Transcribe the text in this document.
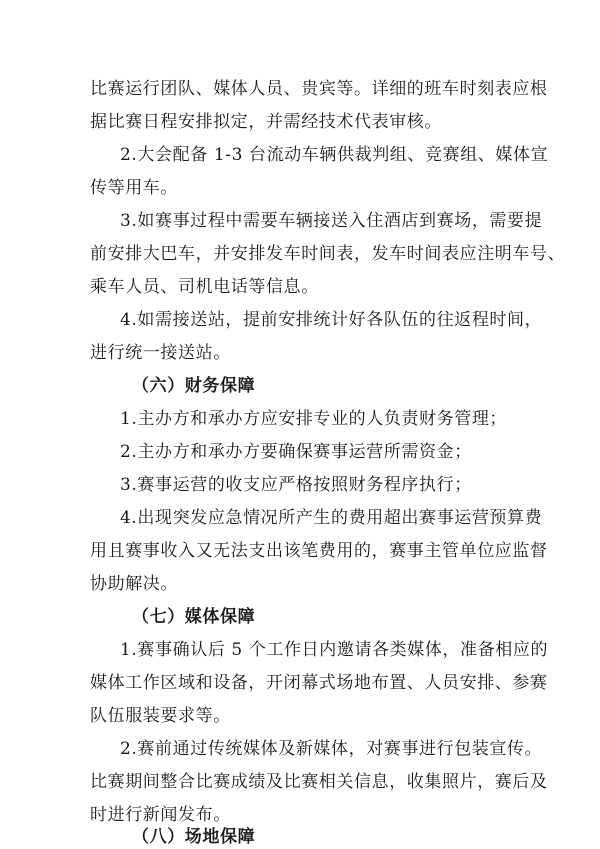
比赛运行团队、媒体人员、贵宾等。详细的班车时刻表应根
据比赛日程安排拟定，并需经技术代表审核。
2.大会配备 1-3 台流动车辆供裁判组、竞赛组、媒体宣
传等用车。
3.如赛事过程中需要车辆接送入住酒店到赛场，需要提
前安排大巴车，并安排发车时间表，发车时间表应注明车号、
乘车人员、司机电话等信息。
4.如需接送站，提前安排统计好各队伍的往返程时间，
进行统一接送站。
（六）财务保障
1.主办方和承办方应安排专业的人负责财务管理；
2.主办方和承办方要确保赛事运营所需资金；
3.赛事运营的收支应严格按照财务程序执行；
4.出现突发应急情况所产生的费用超出赛事运营预算费
用且赛事收入又无法支出该笔费用的，赛事主管单位应监督
协助解决。
（七）媒体保障
1.赛事确认后 5 个工作日内邀请各类媒体，准备相应的
媒体工作区域和设备，开闭幕式场地布置、人员安排、参赛
队伍服装要求等。
2.赛前通过传统媒体及新媒体，对赛事进行包装宣传。
比赛期间整合比赛成绩及比赛相关信息，收集照片，赛后及
时进行新闻发布。
（八）场地保障
